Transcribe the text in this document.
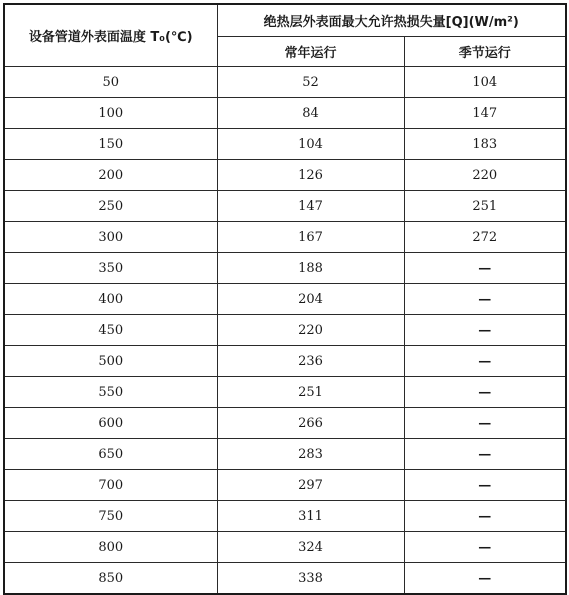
设备管道外表面温度 T₀(℃)	绝热层外表面最大允许热损失量[Q](W/m²)	
	常年运行	季节运行
50	52	104
100	84	147
150	104	183
200	126	220
250	147	251
300	167	272
350	188	—
400	204	—
450	220	—
500	236	—
550	251	—
600	266	—
650	283	—
700	297	—
750	311	—
800	324	—
850	338	—
